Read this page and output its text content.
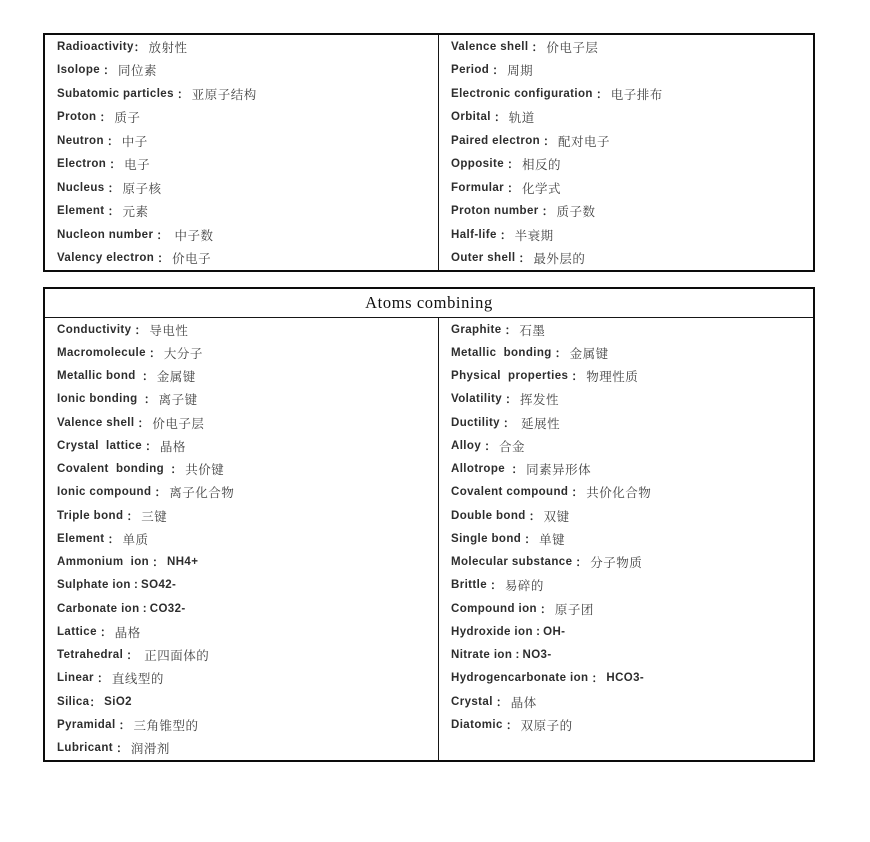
Radioactivity ： 放射性
Isolope ： 同位素
Subatomic particles ： 亚原子结构
Proton ： 质子
Neutron ： 中子
Electron ： 电子
Nucleus ： 原子核
Element ： 元素
Nucleon number ： 中子数
Valency electron ： 价电子
Valence shell ： 价电子层
Period ： 周期
Electronic configuration ： 电子排布
Orbital ： 轨道
Paired electron ： 配对电子
Opposite ： 相反的
Formular ： 化学式
Proton number ： 质子数
Half-life ： 半衰期
Outer shell ： 最外层的
Atoms combining
Conductivity ： 导电性
Macromolecule ： 大分子
Metallic bond ： 金属键
Ionic bonding ： 离子键
Valence shell ： 价电子层
Crystal  lattice ： 晶格
Covalent  bonding ： 共价键
Ionic compound ： 离子化合物
Triple bond ： 三键
Element ： 单质
Ammonium  ion ： NH4+
Sulphate ion : SO42-
Carbonate ion : CO32-
Lattice ： 晶格
Tetrahedral ： 正四面体的
Linear ： 直线型的
Silica ： SiO2
Pyramidal ： 三角锥型的
Lubricant ： 润滑剂
Graphite ： 石墨
Metallic  bonding ： 金属键
Physical  properties ： 物理性质
Volatility ： 挥发性
Ductility ： 延展性
Alloy ： 合金
Allotrope ： 同素异形体
Covalent compound ： 共价化合物
Double bond ： 双键
Single bond ： 单键
Molecular substance ： 分子物质
Brittle ： 易碎的
Compound ion ： 原子团
Hydroxide ion : OH-
Nitrate ion : NO3-
Hydrogencarbonate ion ： HCO3-
Crystal ： 晶体
Diatomic ： 双原子的
